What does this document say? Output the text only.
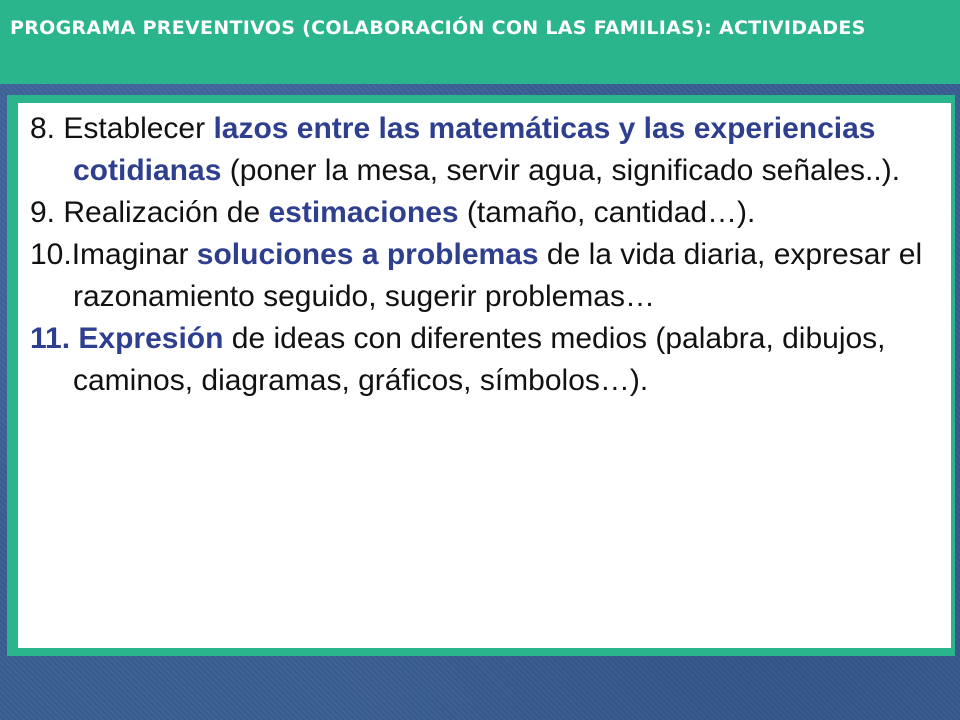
PROGRAMA PREVENTIVOS (COLABORACIÓN CON LAS FAMILIAS): ACTIVIDADES
8. Establecer lazos entre las matemáticas y las experiencias cotidianas (poner la mesa, servir agua, significado señales..).
9. Realización de estimaciones (tamaño, cantidad…).
10.Imaginar soluciones a problemas de la vida diaria, expresar el razonamiento seguido, sugerir problemas…
11. Expresión de ideas con diferentes medios (palabra, dibujos, caminos, diagramas, gráficos, símbolos…).
